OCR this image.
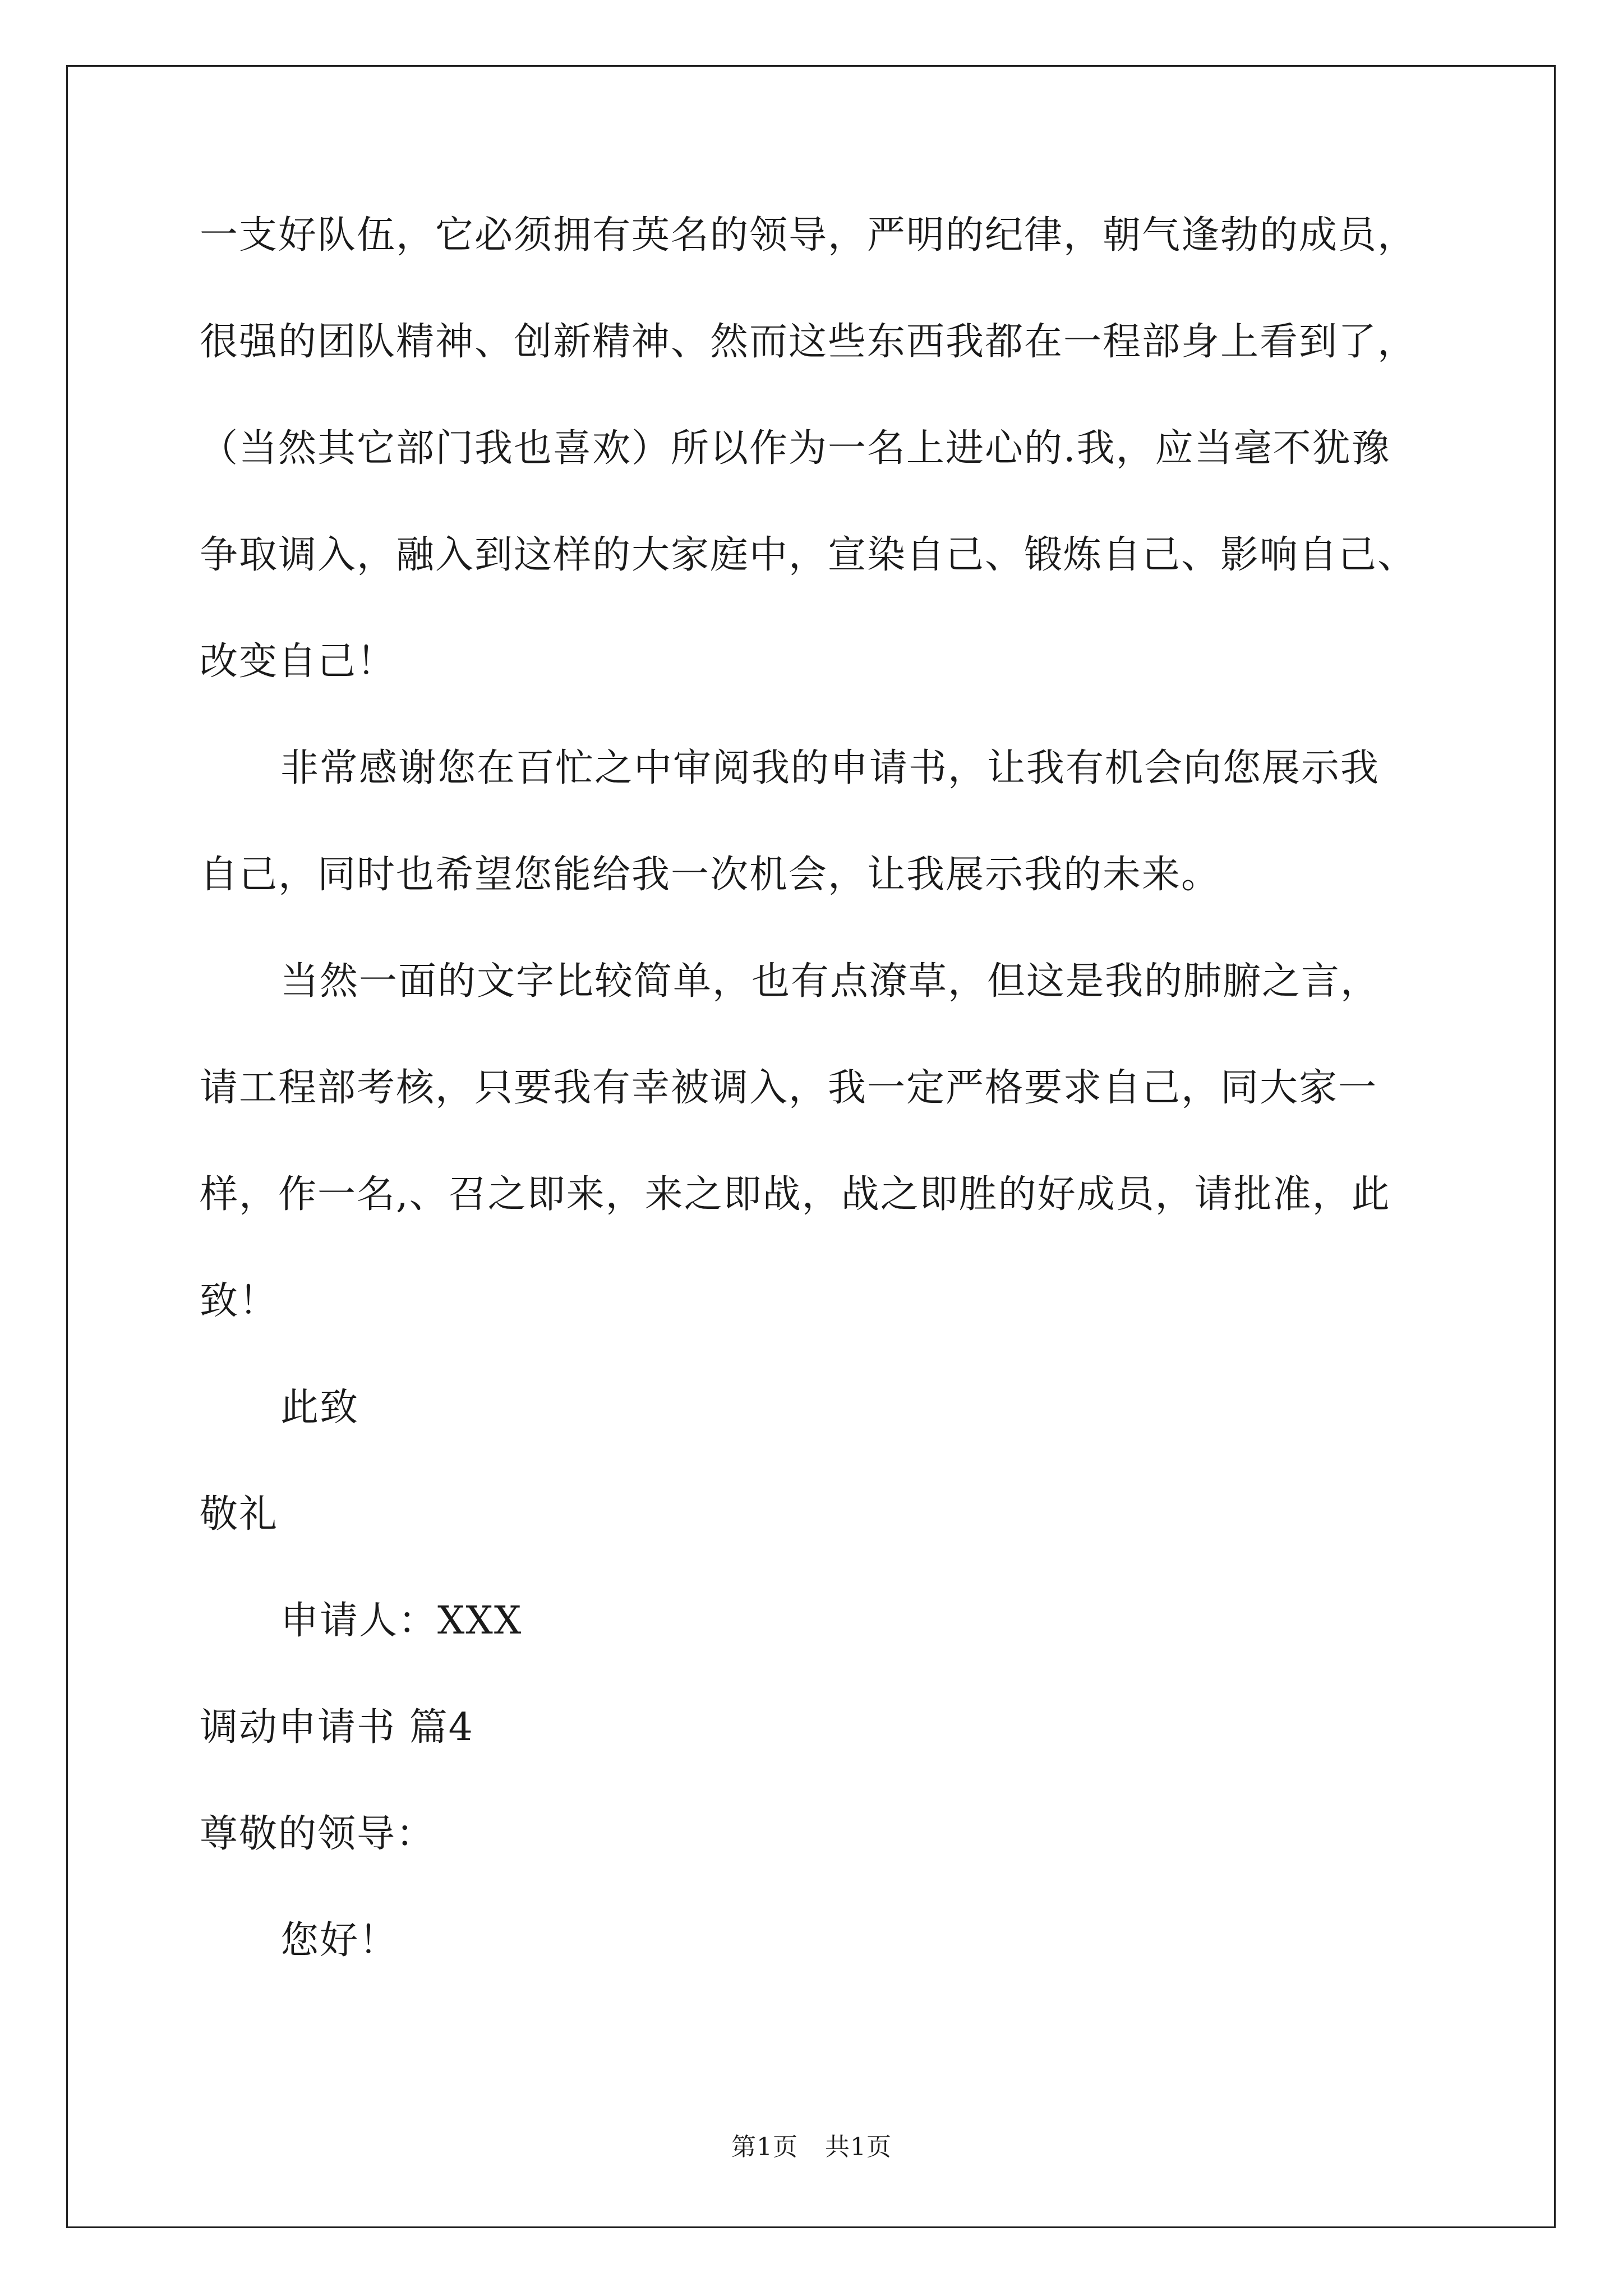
一支好队伍，它必须拥有英名的领导，严明的纪律，朝气逢勃的成员，
很强的团队精神、创新精神、然而这些东西我都在一程部身上看到了，
（当然其它部门我也喜欢）所以作为一名上进心的.我，应当毫不犹豫
争取调入，融入到这样的大家庭中，宣染自己、锻炼自己、影响自己、
改变自己！
非常感谢您在百忙之中审阅我的申请书，让我有机会向您展示我
自己，同时也希望您能给我一次机会，让我展示我的未来。
当然一面的文字比较简单，也有点潦草，但这是我的肺腑之言，
请工程部考核，只要我有幸被调入，我一定严格要求自己，同大家一
样，作一名,、召之即来，来之即战，战之即胜的好成员，请批准，此
致！
此致
敬礼
申请人：XXX
调动申请书 篇4
尊敬的领导：
您好！
第1页 共1页
